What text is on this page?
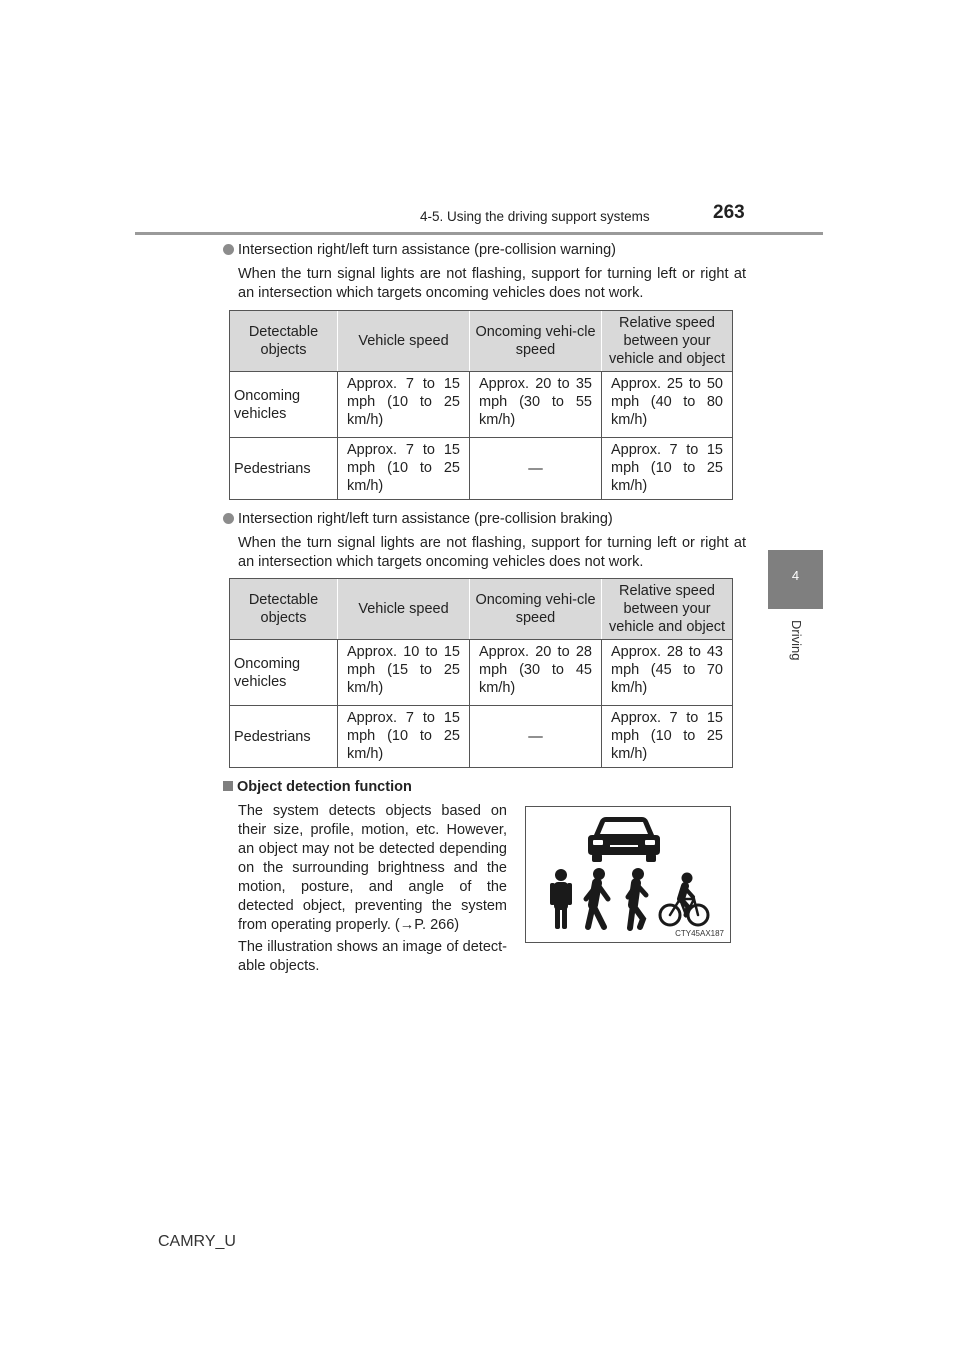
4-5. Using the driving support systems	263
4
Driving
Intersection right/left turn assistance (pre-collision warning)
When the turn signal lights are not flashing, support for turning left or right at an intersection which targets oncoming vehicles does not work.
Detectable objects	Vehicle speed	Oncoming vehi-cle speed	Relative speed between your vehicle and object
Oncoming vehicles	Approx. 7 to 15 mph (10 to 25 km/h)	Approx. 20 to 35 mph (30 to 55 km/h)	Approx. 25 to 50 mph (40 to 80 km/h)

Pedestrians	Approx. 7 to 15 mph (10 to 25 km/h)	—	Approx. 7 to 15 mph (10 to 25 km/h)
Intersection right/left turn assistance (pre-collision braking)
When the turn signal lights are not flashing, support for turning left or right at an intersection which targets oncoming vehicles does not work.
Detectable objects	Vehicle speed	Oncoming vehi-cle speed	Relative speed between your vehicle and object
Oncoming vehicles	Approx. 10 to 15 mph (15 to 25 km/h)	Approx. 20 to 28 mph (30 to 45 km/h)	Approx. 28 to 43 mph (45 to 70 km/h)

Pedestrians	Approx. 7 to 15 mph (10 to 25 km/h)	—	Approx. 7 to 15 mph (10 to 25 km/h)
Object detection function

The system detects objects based on their size, profile, motion, etc. However, an object may not be detected depending on the surrounding brightness and the motion, posture, and angle of the detected object, preventing the system from operating properly. (→P. 266)

The illustration shows an image of detect-able objects.

CTY45AX187
CAMRY_U
